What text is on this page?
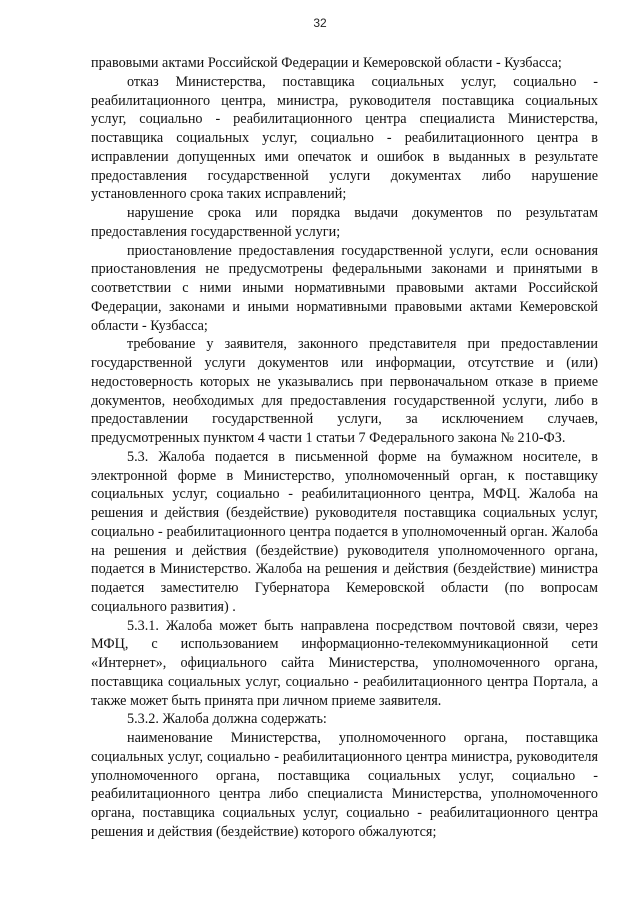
32

правовыми актами Российской Федерации и Кемеровской области - Кузбасса;

отказ Министерства, поставщика социальных услуг, социально - реабилитационного центра, министра, руководителя поставщика социальных услуг, социально - реабилитационного центра специалиста Министерства, поставщика социальных услуг, социально - реабилитационного центра в исправлении допущенных ими опечаток и ошибок в выданных в результате предоставления государственной услуги документах либо нарушение установленного срока таких исправлений;

нарушение срока или порядка выдачи документов по результатам предоставления государственной услуги;

приостановление предоставления государственной услуги, если основания приостановления не предусмотрены федеральными законами и принятыми в соответствии с ними иными нормативными правовыми актами Российской Федерации, законами и иными нормативными правовыми актами Кемеровской области - Кузбасса;

требование у заявителя, законного представителя при предоставлении государственной услуги документов или информации, отсутствие и (или) недостоверность которых не указывались при первоначальном отказе в приеме документов, необходимых для предоставления государственной услуги, либо в предоставлении государственной услуги, за исключением случаев, предусмотренных пунктом 4 части 1 статьи 7 Федерального закона № 210-ФЗ.

5.3. Жалоба подается в письменной форме на бумажном носителе, в электронной форме в Министерство, уполномоченный орган, к поставщику социальных услуг, социально - реабилитационного центра, МФЦ. Жалоба на решения и действия (бездействие) руководителя поставщика социальных услуг, социально - реабилитационного центра подается в уполномоченный орган. Жалоба на решения и действия (бездействие) руководителя уполномоченного органа, подается в Министерство. Жалоба на решения и действия (бездействие) министра подается заместителю Губернатора Кемеровской области (по вопросам социального развития) .

5.3.1. Жалоба может быть направлена посредством почтовой связи, через МФЦ, с использованием информационно-телекоммуникационной сети «Интернет», официального сайта Министерства, уполномоченного органа, поставщика социальных услуг, социально - реабилитационного центра Портала, а также может быть принята при личном приеме заявителя.

5.3.2. Жалоба должна содержать:

наименование Министерства, уполномоченного органа, поставщика социальных услуг, социально - реабилитационного центра министра, руководителя уполномоченного органа, поставщика социальных услуг, социально - реабилитационного центра либо специалиста Министерства, уполномоченного органа, поставщика социальных услуг, социально - реабилитационного центра решения и действия (бездействие) которого обжалуются;
